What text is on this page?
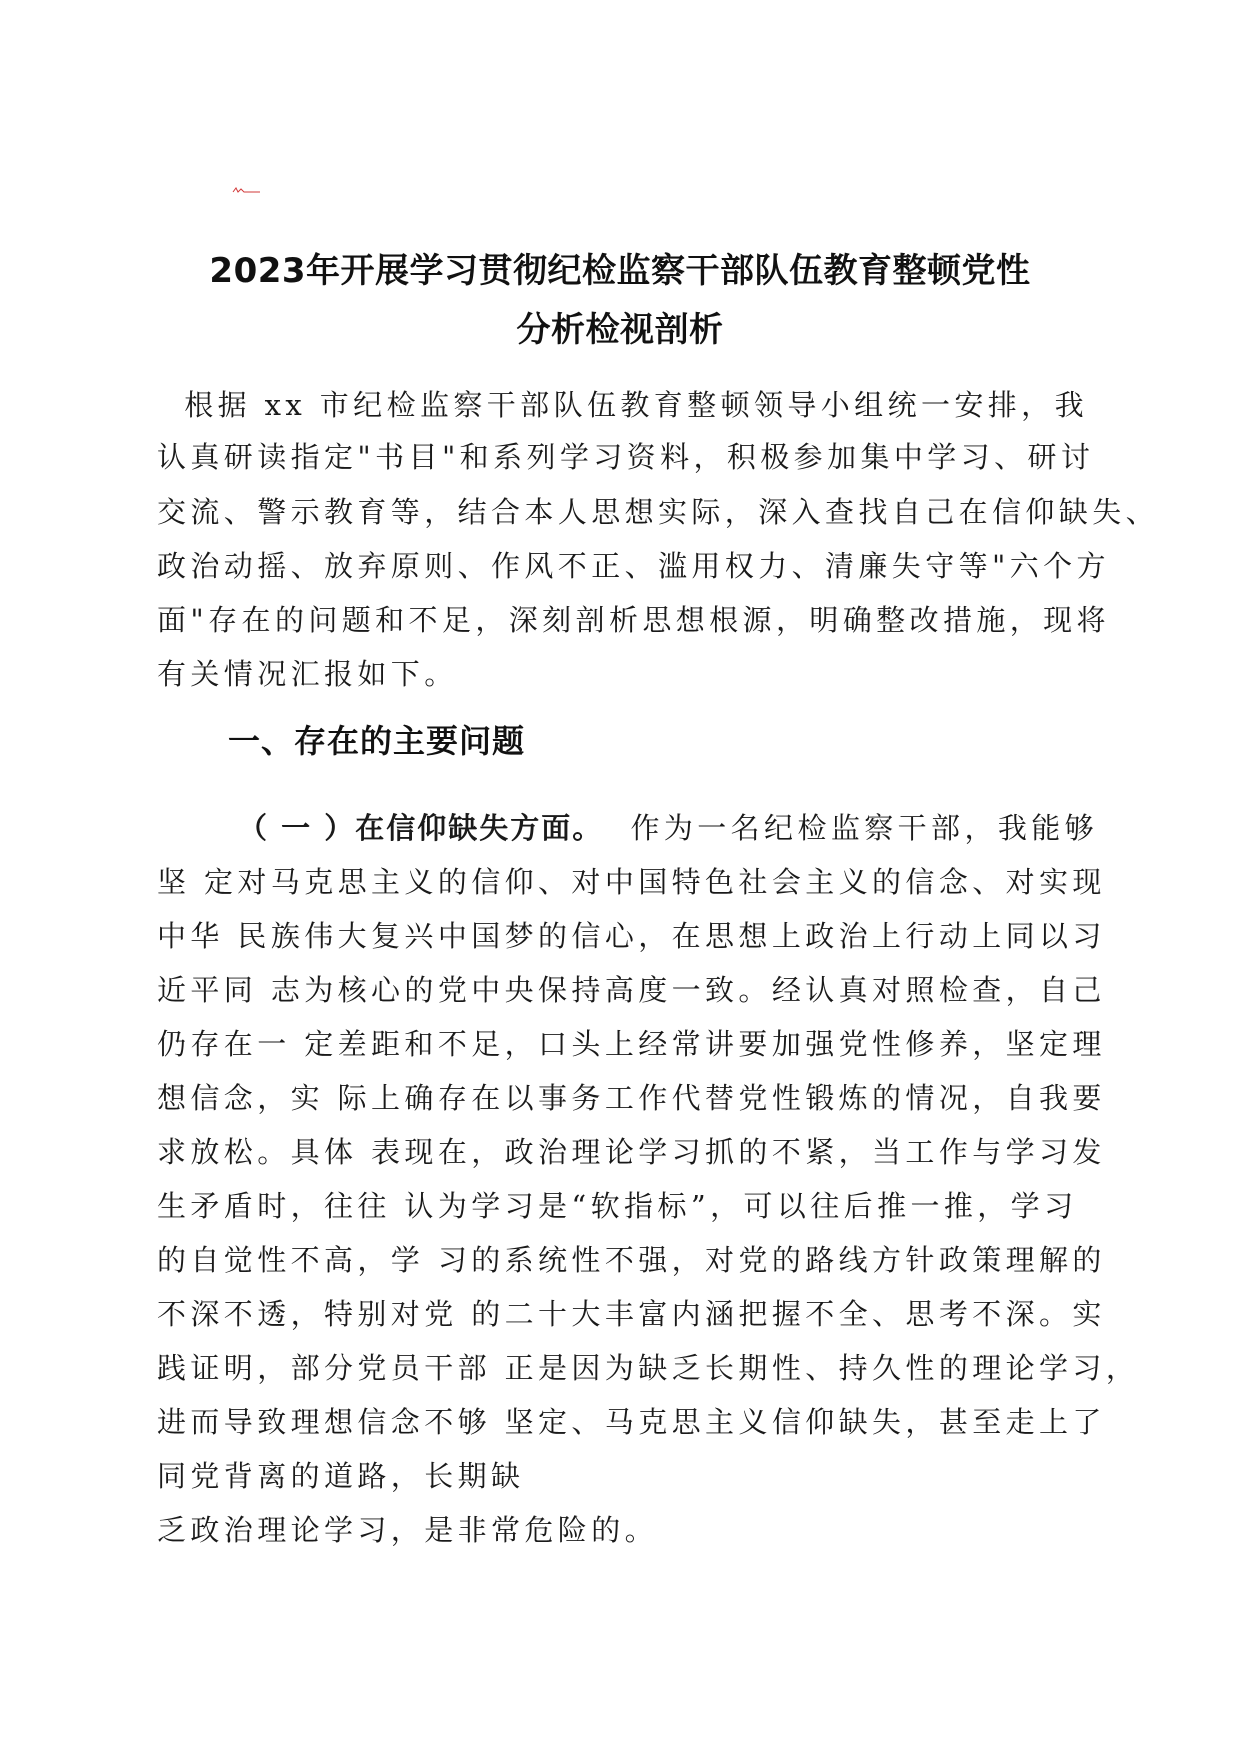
2023年开展学习贯彻纪检监察干部队伍教育整顿党性
分析检视剖析
根据 xx 市纪检监察干部队伍教育整顿领导小组统一安排，我
认真研读指定"书目"和系列学习资料，积极参加集中学习、研讨
交流、警示教育等，结合本人思想实际，深入查找自己在信仰缺失、
政治动摇、放弃原则、作风不正、滥用权力、清廉失守等"六个方
面"存在的问题和不足，深刻剖析思想根源，明确整改措施，现将
有关情况汇报如下。
一、存在的主要问题
（ 一 ）在信仰缺失方面。  作为一名纪检监察干部，我能够
坚 定对马克思主义的信仰、对中国特色社会主义的信念、对实现
中华 民族伟大复兴中国梦的信心，在思想上政治上行动上同以习
近平同 志为核心的党中央保持高度一致。经认真对照检查，自己
仍存在一 定差距和不足，口头上经常讲要加强党性修养，坚定理
想信念，实 际上确存在以事务工作代替党性锻炼的情况，自我要
求放松。具体 表现在，政治理论学习抓的不紧，当工作与学习发
生矛盾时，往往 认为学习是“软指标”，可以往后推一推，学习
的自觉性不高，学 习的系统性不强，对党的路线方针政策理解的
不深不透，特别对党 的二十大丰富内涵把握不全、思考不深。实
践证明，部分党员干部 正是因为缺乏长期性、持久性的理论学习，
进而导致理想信念不够 坚定、马克思主义信仰缺失，甚至走上了
同党背离的道路，长期缺
乏政治理论学习，是非常危险的。
